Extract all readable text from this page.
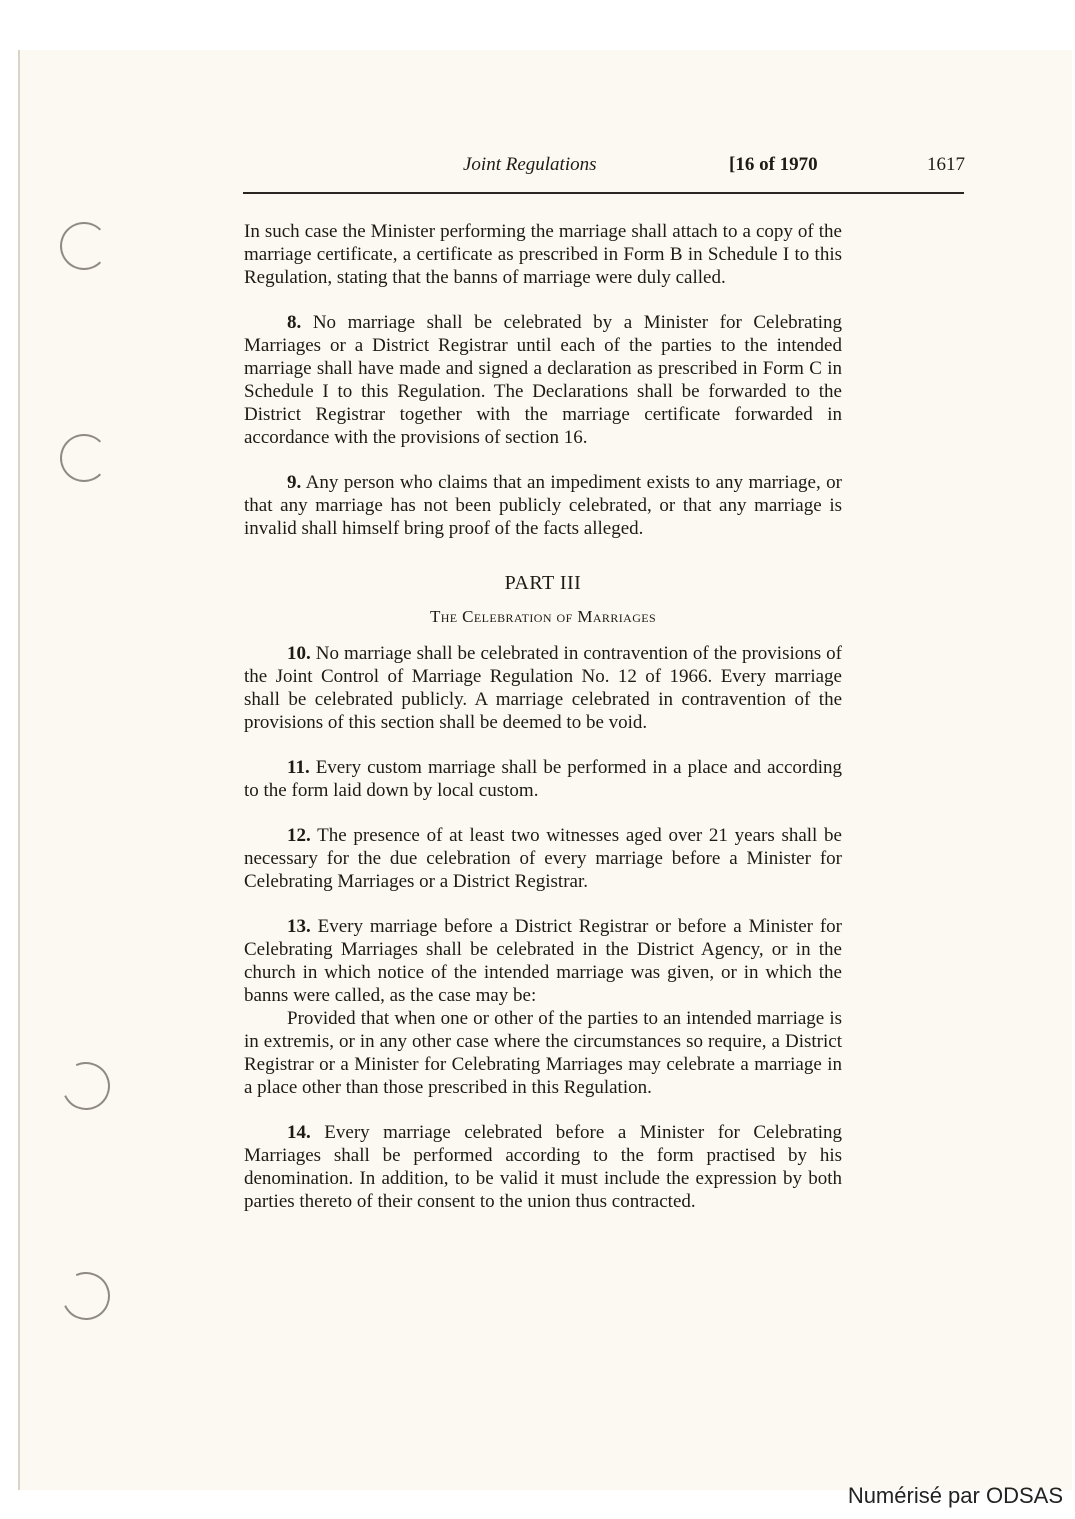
Joint Regulations	[16 of 1970	1617

In such case the Minister performing the marriage shall attach to a copy of the marriage certificate, a certificate as prescribed in Form B in Schedule I to this Regulation, stating that the banns of marriage were duly called.

8. No marriage shall be celebrated by a Minister for Celebrating Marriages or a District Registrar until each of the parties to the intended marriage shall have made and signed a declaration as prescribed in Form C in Schedule I to this Regulation. The Declarations shall be forwarded to the District Registrar together with the marriage certificate forwarded in accordance with the provisions of section 16.

9. Any person who claims that an impediment exists to any marriage, or that any marriage has not been publicly celebrated, or that any marriage is invalid shall himself bring proof of the facts alleged.

PART III

The Celebration of Marriages

10. No marriage shall be celebrated in contravention of the provisions of the Joint Control of Marriage Regulation No. 12 of 1966. Every marriage shall be celebrated publicly. A marriage celebrated in contravention of the provisions of this section shall be deemed to be void.

11. Every custom marriage shall be performed in a place and according to the form laid down by local custom.

12. The presence of at least two witnesses aged over 21 years shall be necessary for the due celebration of every marriage before a Minister for Celebrating Marriages or a District Registrar.

13. Every marriage before a District Registrar or before a Minister for Celebrating Marriages shall be celebrated in the District Agency, or in the church in which notice of the intended marriage was given, or in which the banns were called, as the case may be:

Provided that when one or other of the parties to an intended marriage is in extremis, or in any other case where the circumstances so require, a District Registrar or a Minister for Celebrating Marriages may celebrate a marriage in a place other than those prescribed in this Regulation.

14. Every marriage celebrated before a Minister for Celebrating Marriages shall be performed according to the form practised by his denomination. In addition, to be valid it must include the expression by both parties thereto of their consent to the union thus contracted.

Numérisé par ODSAS
